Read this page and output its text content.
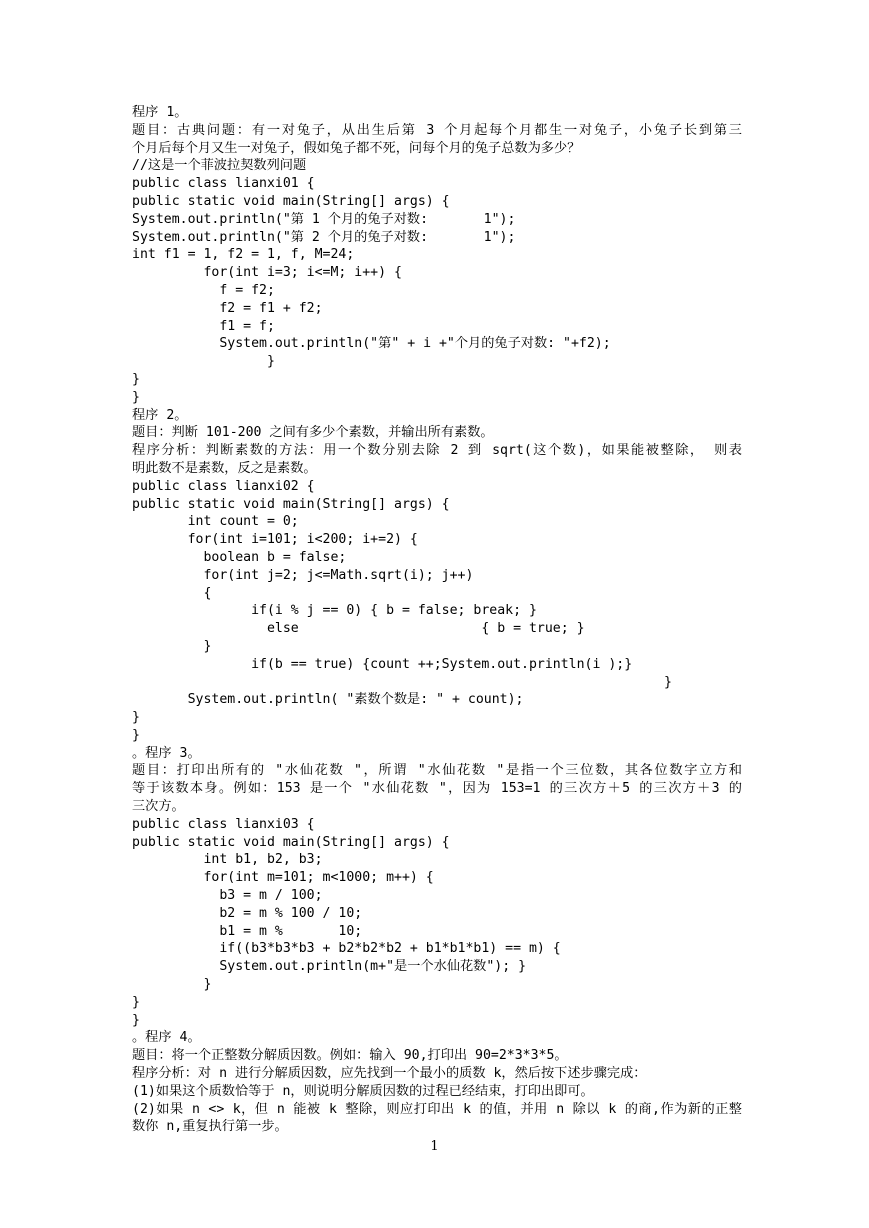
程序 1。
题目：古典问题：有一对兔子，从出生后第 3 个月起每个月都生一对兔子，小兔子长到第三
个月后每个月又生一对兔子，假如兔子都不死，问每个月的兔子总数为多少？
//这是一个菲波拉契数列问题
public class lianxi01 {
public static void main(String[] args) {
System.out.println("第 1 个月的兔子对数:       1");
System.out.println("第 2 个月的兔子对数:       1");
int f1 = 1, f2 = 1, f, M=24;
for(int i=3; i<=M; i++) {
f = f2;
f2 = f1 + f2;
f1 = f;
System.out.println("第" + i +"个月的兔子对数: "+f2);
}
}
}
程序 2。
题目：判断 101-200 之间有多少个素数，并输出所有素数。
程序分析：判断素数的方法：用一个数分别去除 2 到 sqrt(这个数)，如果能被整除， 则表
明此数不是素数，反之是素数。
public class lianxi02 {
public static void main(String[] args) {
int count = 0;
for(int i=101; i<200; i+=2) {
boolean b = false;
for(int j=2; j<=Math.sqrt(i); j++)
{
if(i % j == 0) { b = false; break; }
else                       { b = true; }
}
if(b == true) {count ++;System.out.println(i );}
}
System.out.println( "素数个数是: " + count);
}
}
。程序 3。
题目：打印出所有的 "水仙花数 "，所谓 "水仙花数 "是指一个三位数，其各位数字立方和
等于该数本身。例如：153 是一个 "水仙花数 "，因为 153=1 的三次方＋5 的三次方＋3 的
三次方。
public class lianxi03 {
public static void main(String[] args) {
int b1, b2, b3;
for(int m=101; m<1000; m++) {
b3 = m / 100;
b2 = m % 100 / 10;
b1 = m %       10;
if((b3*b3*b3 + b2*b2*b2 + b1*b1*b1) == m) {
System.out.println(m+"是一个水仙花数"); }
}
}
}
。程序 4。
题目：将一个正整数分解质因数。例如：输入 90,打印出 90=2*3*3*5。
程序分析：对 n 进行分解质因数，应先找到一个最小的质数 k，然后按下述步骤完成：
(1)如果这个质数恰等于 n，则说明分解质因数的过程已经结束，打印出即可。
(2)如果 n <> k，但 n 能被 k 整除，则应打印出 k 的值，并用 n 除以 k 的商,作为新的正整
数你 n,重复执行第一步。
1
